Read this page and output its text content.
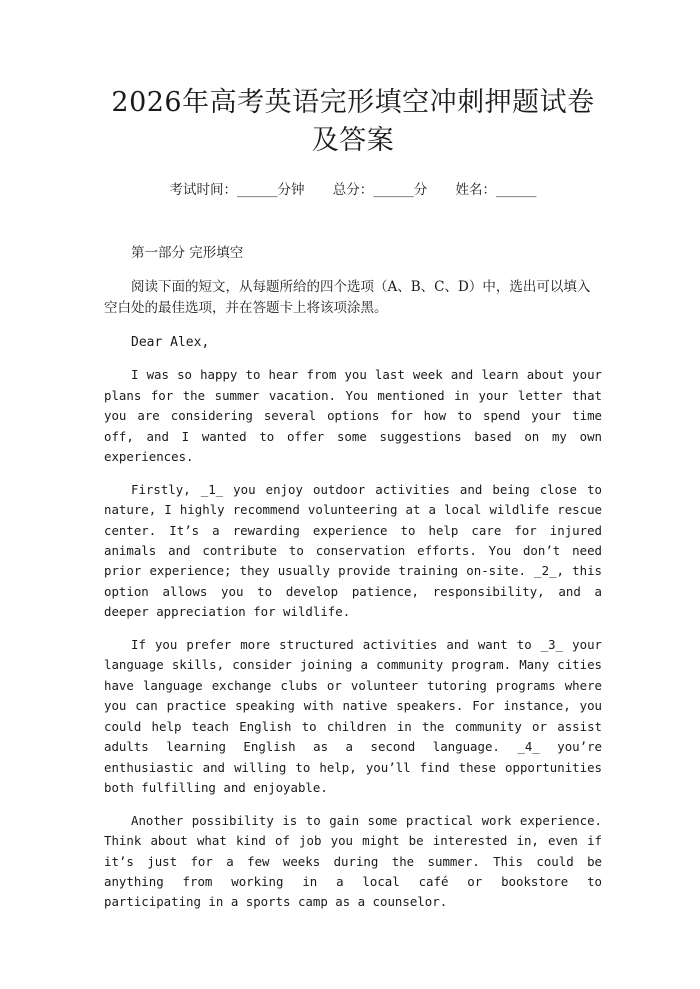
2026年高考英语完形填空冲刺押题试卷及答案
考试时间：______分钟 总分：______分 姓名：______
第一部分 完形填空
阅读下面的短文，从每题所给的四个选项（A、B、C、D）中，选出可以填入空白处的最佳选项，并在答题卡上将该项涂黑。
Dear Alex,

I was so happy to hear from you last week and learn about your plans for the summer vacation. You mentioned in your letter that you are considering several options for how to spend your time off, and I wanted to offer some suggestions based on my own experiences.

Firstly, _1_ you enjoy outdoor activities and being close to nature, I highly recommend volunteering at a local wildlife rescue center. It’s a rewarding experience to help care for injured animals and contribute to conservation efforts. You don’t need prior experience; they usually provide training on-site. _2_, this option allows you to develop patience, responsibility, and a deeper appreciation for wildlife.

If you prefer more structured activities and want to _3_ your language skills, consider joining a community program. Many cities have language exchange clubs or volunteer tutoring programs where you can practice speaking with native speakers. For instance, you could help teach English to children in the community or assist adults learning English as a second language. _4_ you’re enthusiastic and willing to help, you’ll find these opportunities both fulfilling and enjoyable.

Another possibility is to gain some practical work experience. Think about what kind of job you might be interested in, even if it’s just for a few weeks during the summer. This could be anything from working in a local café or bookstore to participating in a sports camp as a counselor.
